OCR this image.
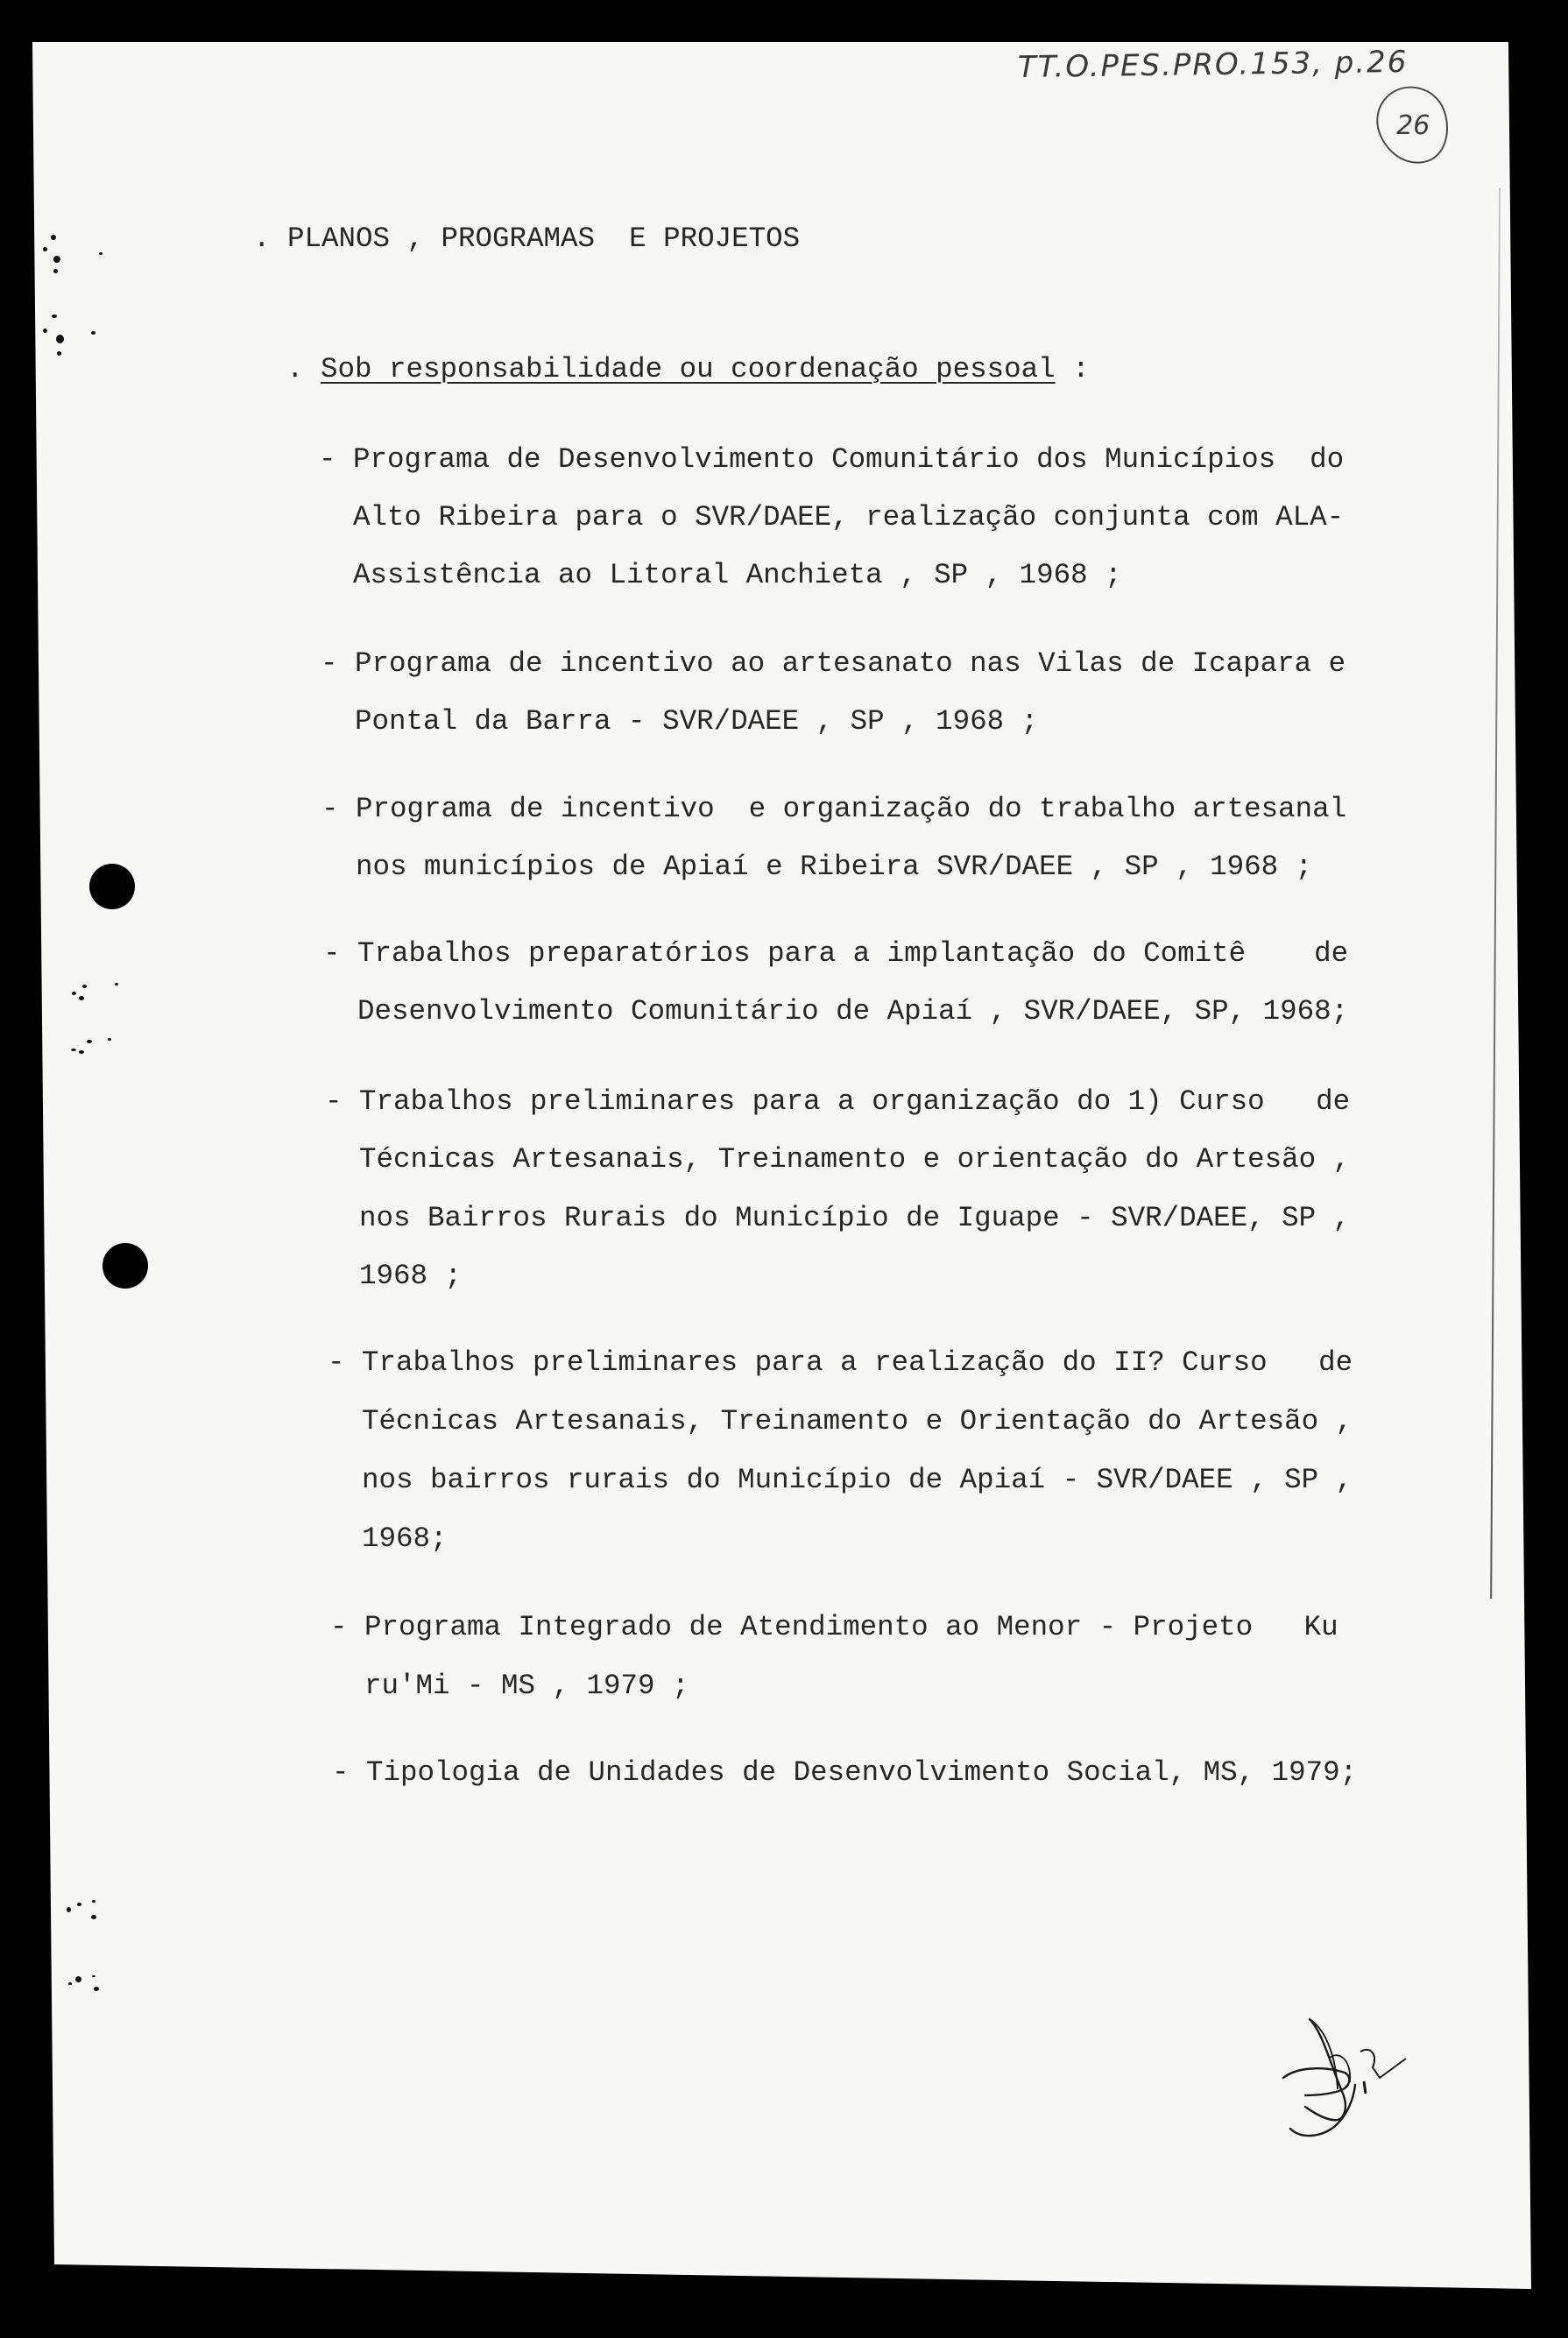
TT.O.PES.PRO.153, p.26
26
. PLANOS , PROGRAMAS  E PROJETOS
. Sob responsabilidade ou coordenação pessoal :
- Programa de Desenvolvimento Comunitário dos Municípios  do
Alto Ribeira para o SVR/DAEE, realização conjunta com ALA-
Assistência ao Litoral Anchieta , SP , 1968 ;
- Programa de incentivo ao artesanato nas Vilas de Icapara e
Pontal da Barra - SVR/DAEE , SP , 1968 ;
- Programa de incentivo  e organização do trabalho artesanal
nos municípios de Apiaí e Ribeira SVR/DAEE , SP , 1968 ;
- Trabalhos preparatórios para a implantação do Comitê    de
Desenvolvimento Comunitário de Apiaí , SVR/DAEE, SP, 1968;
- Trabalhos preliminares para a organização do 1) Curso   de
Técnicas Artesanais, Treinamento e orientação do Artesão ,
nos Bairros Rurais do Município de Iguape - SVR/DAEE, SP ,
1968 ;
- Trabalhos preliminares para a realização do II? Curso   de
Técnicas Artesanais, Treinamento e Orientação do Artesão ,
nos bairros rurais do Município de Apiaí - SVR/DAEE , SP ,
1968;
- Programa Integrado de Atendimento ao Menor - Projeto   Ku
ru'Mi - MS , 1979 ;
- Tipologia de Unidades de Desenvolvimento Social, MS, 1979;
